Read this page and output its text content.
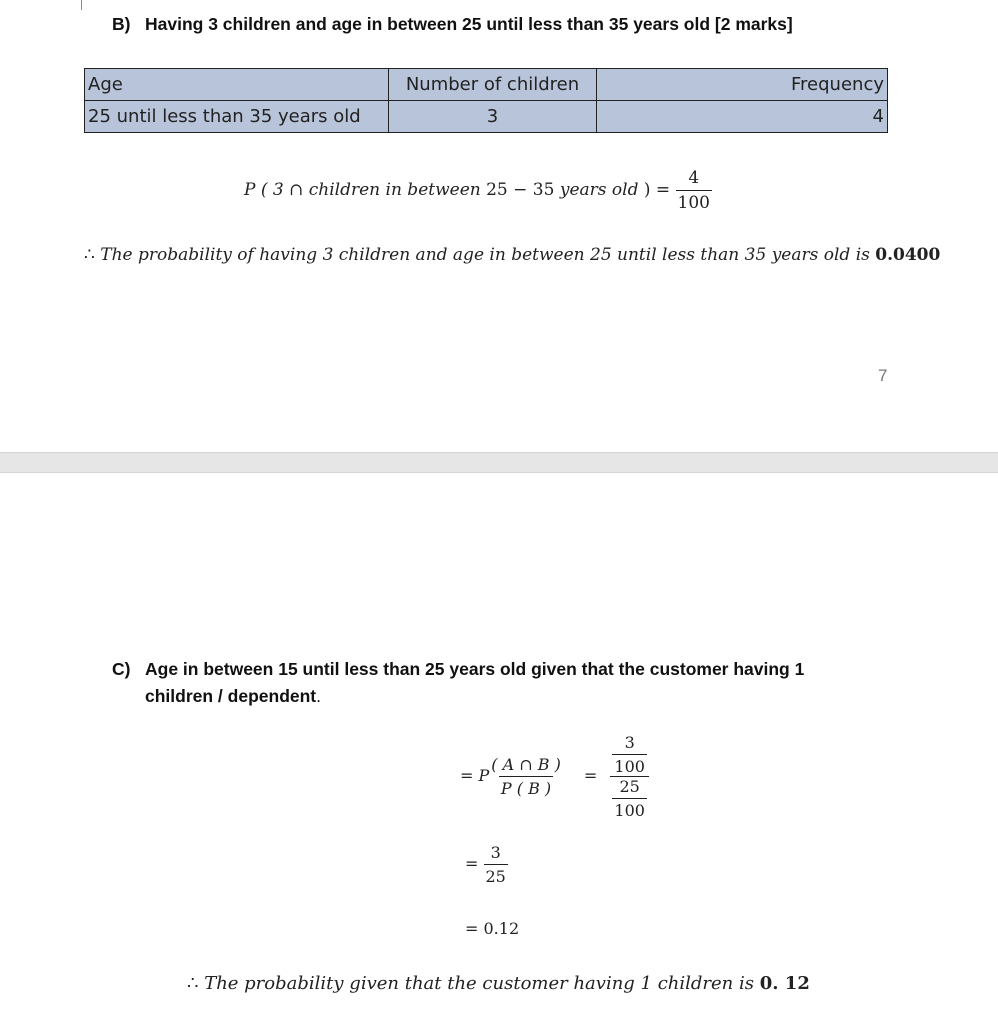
B) Having 3 children and age in between 25 until less than 35 years old [2 marks]
Age	Number of children	Frequency
25 until less than 35 years old	3	4
P ( 3 ∩ children in between 25 − 35 years old ) = $\frac{4}{100}$
∴ The probability of having 3 children and age in between 25 until less than 35 years old is 0.0400
7
C) Age in between 15 until less than 25 years old given that the customer having 1
children / dependent.
= P $\frac{( A \cap B )}{P ( B )} = \frac{\frac{3}{100}}{\frac{25}{100}}$
= $\frac{3}{25}$
= 0.12
∴ The probability given that the customer having 1 children is 0. 12
